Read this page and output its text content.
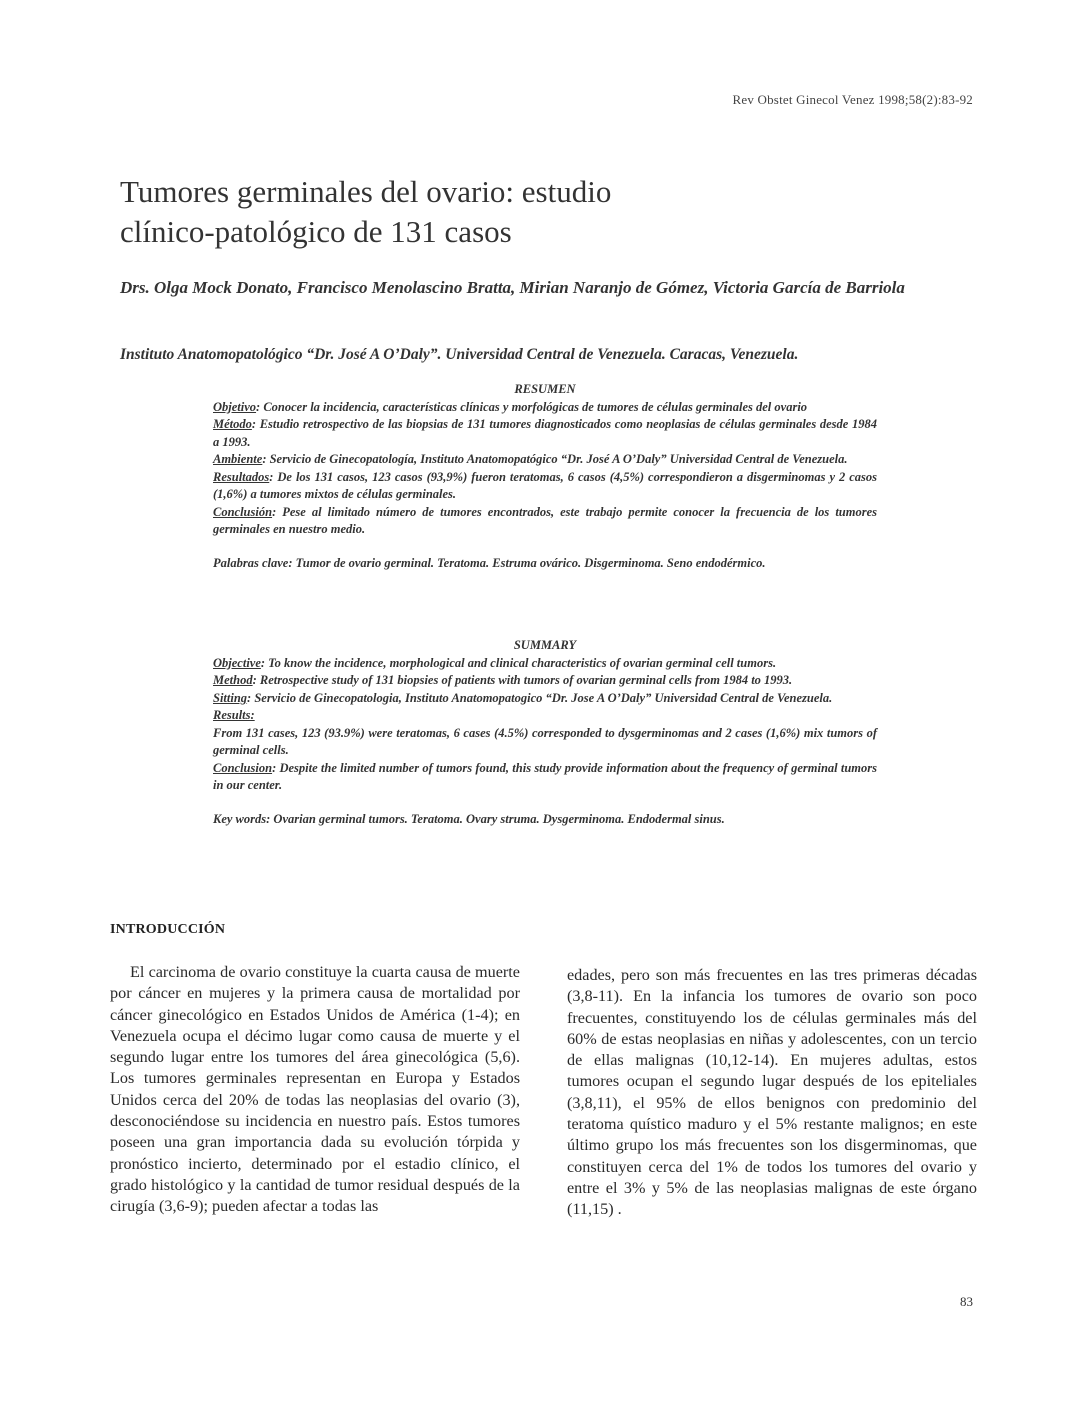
Rev Obstet Ginecol Venez 1998;58(2):83-92
Tumores germinales del ovario: estudio
clínico-patológico de 131 casos
Drs. Olga Mock Donato, Francisco Menolascino Bratta, Mirian Naranjo de Gómez, Victoria García de Barriola
Instituto Anatomopatológico “Dr. José A O’Daly”. Universidad Central de Venezuela. Caracas, Venezuela.
RESUMEN

Objetivo: Conocer la incidencia, características clínicas y morfológicas de tumores de células germinales del ovario

Método: Estudio retrospectivo de las biopsias de 131 tumores diagnosticados como neoplasias de células germinales desde 1984 a 1993.

Ambiente: Servicio de Ginecopatología, Instituto Anatomopatógico “Dr. José A O’Daly” Universidad Central de Venezuela.

Resultados: De los 131 casos, 123 casos (93,9%) fueron teratomas, 6 casos (4,5%) correspondieron a disgerminomas y 2 casos (1,6%) a tumores mixtos de células germinales.

Conclusión: Pese al limitado número de tumores encontrados, este trabajo permite conocer la frecuencia de los tumores germinales en nuestro medio.

Palabras clave: Tumor de ovario germinal. Teratoma. Estruma ovárico. Disgerminoma. Seno endodérmico.

SUMMARY

Objective: To know the incidence, morphological and clinical characteristics of ovarian germinal cell tumors.

Method: Retrospective study of 131 biopsies of patients with tumors of ovarian germinal cells from 1984 to 1993.

Sitting: Servicio de Ginecopatologia, Instituto Anatomopatogico “Dr. Jose A O’Daly” Universidad Central de Venezuela.

Results:

From 131 cases, 123 (93.9%) were teratomas, 6 cases (4.5%) corresponded to dysgerminomas and 2 cases (1,6%) mix tumors of germinal cells.

Conclusion: Despite the limited number of tumors found, this study provide information about the frequency of germinal tumors in our center.

Key words: Ovarian germinal tumors. Teratoma. Ovary struma. Dysgerminoma. Endodermal sinus.

INTRODUCCIÓN

El carcinoma de ovario constituye la cuarta causa de muerte por cáncer en mujeres y la primera causa de mortalidad por cáncer ginecológico en Estados Unidos de América (1-4); en Venezuela ocupa el décimo lugar como causa de muerte y el segundo lugar entre los tumores del área ginecológica (5,6). Los tumores germinales representan en Europa y Estados Unidos cerca del 20% de todas las neoplasias del ovario (3), desconociéndose su incidencia en nuestro país. Estos tumores poseen una gran importancia dada su evolución tórpida y pronóstico incierto, determinado por el estadio clínico, el grado histológico y la cantidad de tumor residual después de la cirugía (3,6-9); pueden afectar a todas las

edades, pero son más frecuentes en las tres primeras décadas (3,8-11). En la infancia los tumores de ovario son poco frecuentes, constituyendo los de células germinales más del 60% de estas neoplasias en niñas y adolescentes, con un tercio de ellas malignas (10,12-14). En mujeres adultas, estos tumores ocupan el segundo lugar después de los epiteliales (3,8,11), el 95% de ellos benignos con predominio del teratoma quístico maduro y el 5% restante malignos; en este último grupo los más frecuentes son los disgerminomas, que constituyen cerca del 1% de todos los tumores del ovario y entre el 3% y 5% de las neoplasias malignas de este órgano (11,15) .

83
